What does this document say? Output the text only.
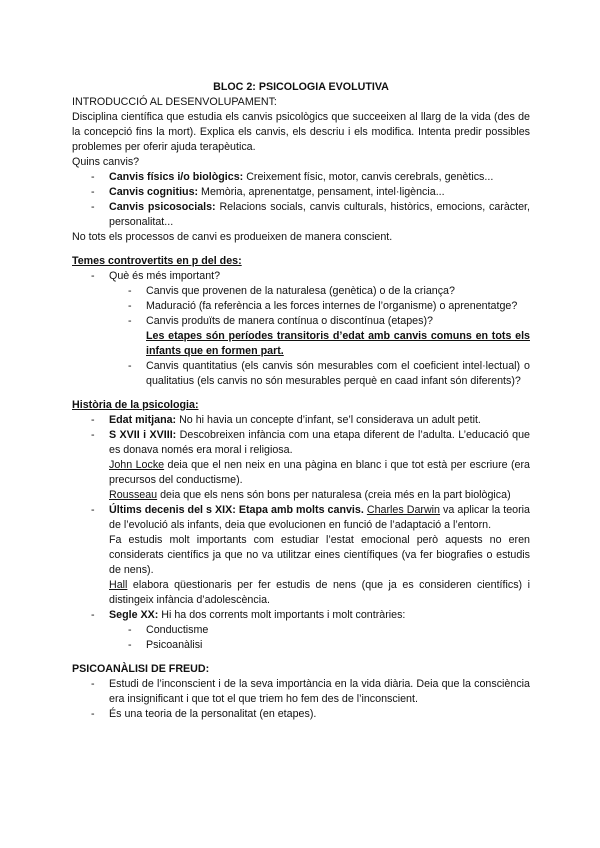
BLOC 2: PSICOLOGIA EVOLUTIVA
INTRODUCCIÓ AL DESENVOLUPAMENT:
Disciplina científica que estudia els canvis psicològics que succeeixen al llarg de la vida (des de la concepció fins la mort). Explica els canvis, els descriu i els modifica. Intenta predir possibles problemes per oferir ajuda terapèutica.
Quins canvis?
- Canvis físics i/o biològics: Creixement físic, motor, canvis cerebrals, genètics...
- Canvis cognitius: Memòria, aprenentatge, pensament, intel·ligència...
- Canvis psicosocials: Relacions socials, canvis culturals, històrics, emocions, caràcter, personalitat...
No tots els processos de canvi es produeixen de manera conscient.
Temes controvertits en p del des:
- Què és més important?
- Canvis que provenen de la naturalesa (genètica) o de la criança?
- Maduració (fa referència a les forces internes de l’organisme) o aprenentatge?
- Canvis produïts de manera contínua o discontínua (etapes)?
Les etapes són períodes transitoris d’edat amb canvis comuns en tots els infants que en formen part.
- Canvis quantitatius (els canvis són mesurables com el coeficient intel·lectual) o qualitatius (els canvis no són mesurables perquè en caad infant són diferents)?
Història de la psicologia:
- Edat mitjana: No hi havia un concepte d’infant, se’l considerava un adult petit.
- S XVII i XVIII: Descobreixen infància com una etapa diferent de l’adulta. L’educació que es donava només era moral i religiosa.
John Locke deia que el nen neix en una pàgina en blanc i que tot està per escriure (era precursos del conductisme).
Rousseau deia que els nens són bons per naturalesa (creia més en la part biològica)
- Últims decenis del s XIX: Etapa amb molts canvis. Charles Darwin va aplicar la teoria de l’evolució als infants, deia que evolucionen en funció de l’adaptació a l’entorn.
Fa estudis molt importants com estudiar l’estat emocional però aquests no eren considerats científics ja que no va utilitzar eines científiques (va fer biografies o estudis de nens).
Hall elabora qüestionaris per fer estudis de nens (que ja es consideren científics) i distingeix infància d’adolescència.
- Segle XX: Hi ha dos corrents molt importants i molt contràries:
- Conductisme
- Psicoanàlisi
PSICOANÀLISI DE FREUD:
- Estudi de l’inconscient i de la seva importància en la vida diària. Deia que la consciència era insignificant i que tot el que triem ho fem des de l’inconscient.
- És una teoria de la personalitat (en etapes).
